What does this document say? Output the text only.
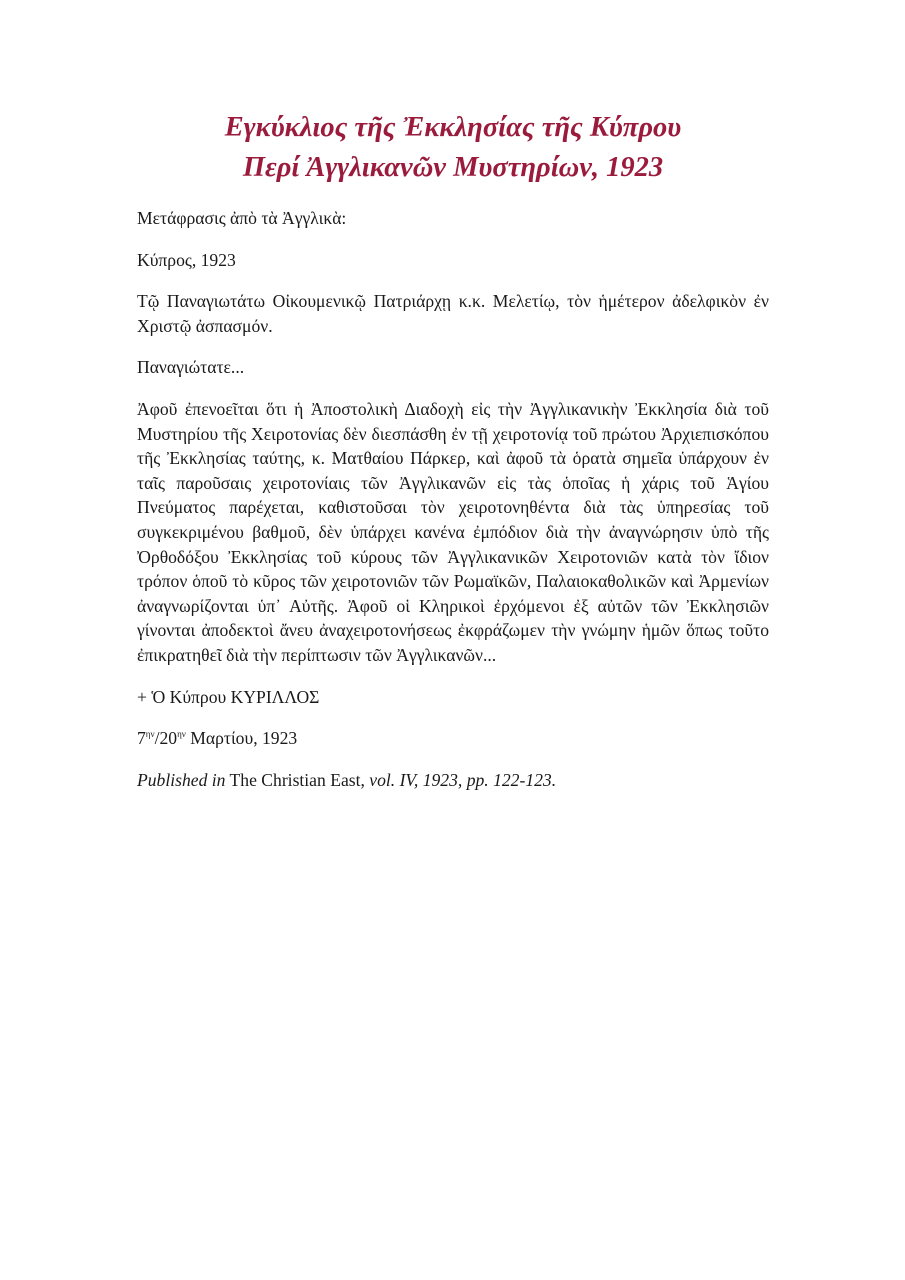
Εγκύκλιος τῆς Ἐκκλησίας τῆς Κύπρου
Περί Ἀγγλικανῶν Μυστηρίων, 1923

Μετάφρασις ἀπὸ τὰ Ἀγγλικὰ:

Κύπρος, 1923

Τῷ Παναγιωτάτω Οἰκουμενικῷ Πατριάρχῃ κ.κ. Μελετίῳ, τὸν ἡμέτερον ἀδελφικὸν ἐν Χριστῷ ἀσπασμόν.

Παναγιώτατε...

Ἀφοῦ ἐπενοεῖται ὅτι ἡ Ἀποστολικὴ Διαδοχὴ εἰς τὴν Ἀγγλικανικὴν Ἐκκλησία διὰ τοῦ Μυστηρίου τῆς Χειροτονίας δὲν διεσπάσθη ἐν τῇ χειροτονίᾳ τοῦ πρώτου Ἀρχιεπισκόπου τῆς Ἐκκλησίας ταύτης, κ. Ματθαίου Πάρκερ, καὶ ἀφοῦ τὰ ὁρατὰ σημεῖα ὑπάρχουν ἐν ταῖς παροῦσαις χειροτονίαις τῶν Ἀγγλικανῶν εἰς τὰς ὁποῖας ἡ χάρις τοῦ Ἁγίου Πνεύματος παρέχεται, καθιστοῦσαι τὸν χειροτονηθέντα διὰ τὰς ὑπηρεσίας τοῦ συγκεκριμένου βαθμοῦ, δὲν ὑπάρχει κανένα ἐμπόδιον διὰ τὴν ἀναγνώρησιν ὑπὸ τῆς Ὀρθοδόξου Ἐκκλησίας τοῦ κύρους τῶν Ἀγγλικανικῶν Χειροτονιῶν κατὰ τὸν ἴδιον τρόπον ὁποῦ τὸ κῦρος τῶν χειροτονιῶν τῶν Ρωμαϊκῶν, Παλαιοκαθολικῶν καὶ Ἀρμενίων ἀναγνωρίζονται ὑπ᾽ Αὐτῆς. Ἀφοῦ οἱ Κληρικοὶ ἐρχόμενοι ἐξ αὐτῶν τῶν Ἐκκλησιῶν γίνονται ἀποδεκτοὶ ἄνευ ἀναχειροτονήσεως ἐκφράζωμεν τὴν γνώμην ἡμῶν ὅπως τοῦτο ἐπικρατηθεῖ διὰ τὴν περίπτωσιν τῶν Ἀγγλικανῶν...

+ Ὁ Κύπρου ΚΥΡΙΛΛΟΣ

$7^{\eta\nu}/20^{\eta\nu}$ Μαρτίου, 1923

Published in The Christian East, vol. IV, 1923, pp. 122-123.
